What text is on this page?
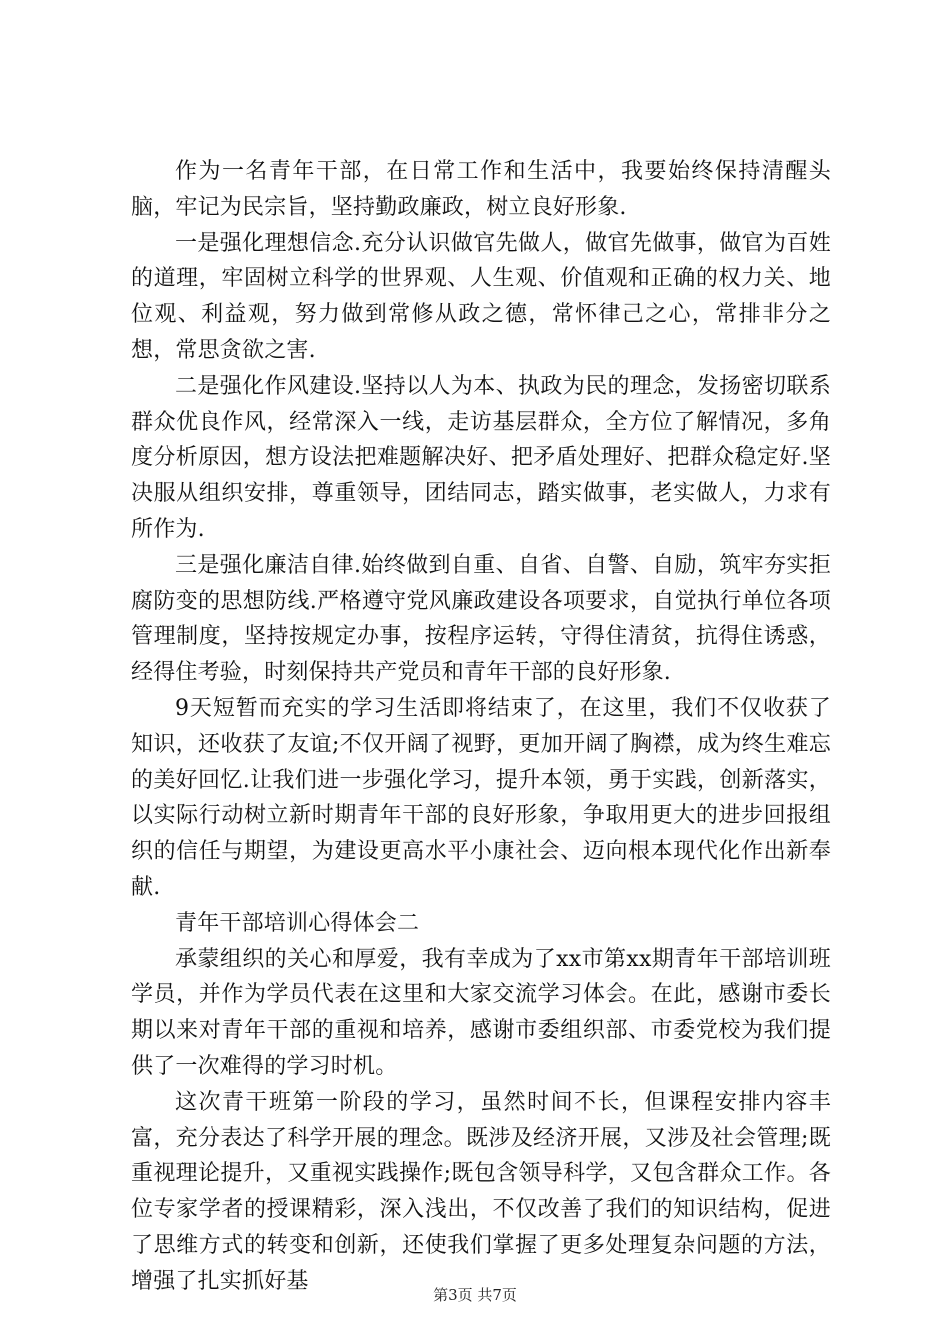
作为一名青年干部，在日常工作和生活中，我要始终保持清醒头脑，牢记为民宗旨，坚持勤政廉政，树立良好形象.

一是强化理想信念.充分认识做官先做人，做官先做事，做官为百姓的道理，牢固树立科学的世界观、人生观、价值观和正确的权力关、地位观、利益观，努力做到常修从政之德，常怀律己之心，常排非分之想，常思贪欲之害.

二是强化作风建设.坚持以人为本、执政为民的理念，发扬密切联系群众优良作风，经常深入一线，走访基层群众，全方位了解情况，多角度分析原因，想方设法把难题解决好、把矛盾处理好、把群众稳定好.坚决服从组织安排，尊重领导，团结同志，踏实做事，老实做人，力求有所作为.

三是强化廉洁自律.始终做到自重、自省、自警、自励，筑牢夯实拒腐防变的思想防线.严格遵守党风廉政建设各项要求，自觉执行单位各项管理制度，坚持按规定办事，按程序运转，守得住清贫，抗得住诱惑，经得住考验，时刻保持共产党员和青年干部的良好形象.

9天短暂而充实的学习生活即将结束了，在这里，我们不仅收获了知识，还收获了友谊;不仅开阔了视野，更加开阔了胸襟，成为终生难忘的美好回忆.让我们进一步强化学习，提升本领，勇于实践，创新落实，以实际行动树立新时期青年干部的良好形象，争取用更大的进步回报组织的信任与期望，为建设更高水平小康社会、迈向根本现代化作出新奉献.

青年干部培训心得体会二

承蒙组织的关心和厚爱，我有幸成为了xx市第xx期青年干部培训班学员，并作为学员代表在这里和大家交流学习体会。在此，感谢市委长期以来对青年干部的重视和培养，感谢市委组织部、市委党校为我们提供了一次难得的学习时机。

这次青干班第一阶段的学习，虽然时间不长，但课程安排内容丰富，充分表达了科学开展的理念。既涉及经济开展，又涉及社会管理;既重视理论提升，又重视实践操作;既包含领导科学，又包含群众工作。各位专家学者的授课精彩，深入浅出，不仅改善了我们的知识结构，促进了思维方式的转变和创新，还使我们掌握了更多处理复杂问题的方法，增强了扎实抓好基

第3页 共7页
